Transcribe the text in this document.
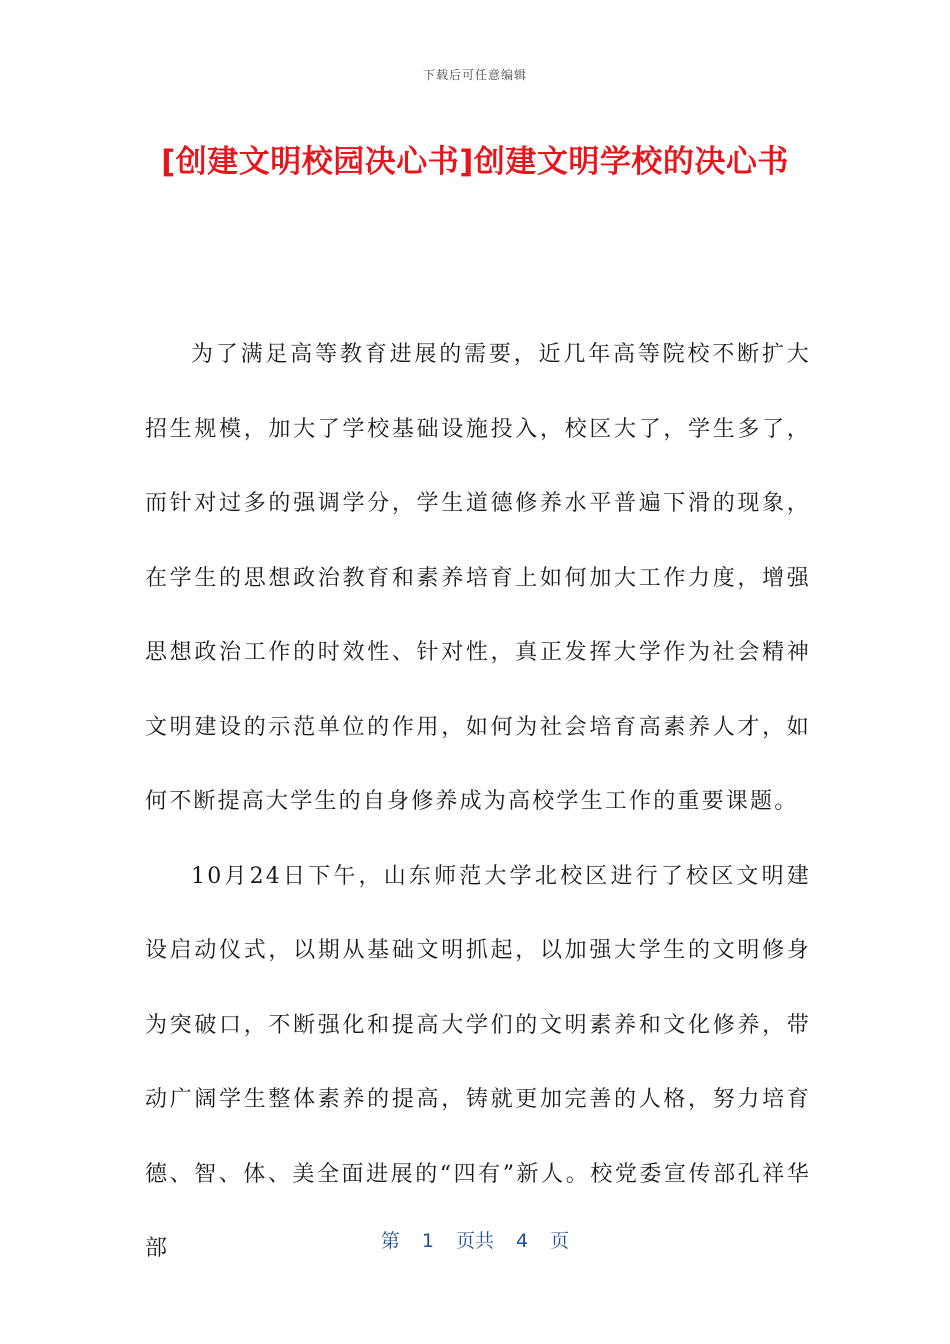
下载后可任意编辑
[创建文明校园决心书]创建文明学校的决心书

为了满足高等教育进展的需要，近几年高等院校不断扩大招生规模，加大了学校基础设施投入，校区大了，学生多了，而针对过多的强调学分，学生道德修养水平普遍下滑的现象，在学生的思想政治教育和素养培育上如何加大工作力度，增强思想政治工作的时效性、针对性，真正发挥大学作为社会精神文明建设的示范单位的作用，如何为社会培育高素养人才，如何不断提高大学生的自身修养成为高校学生工作的重要课题。

10月24日下午，山东师范大学北校区进行了校区文明建设启动仪式，以期从基础文明抓起，以加强大学生的文明修身为突破口，不断强化和提高大学们的文明素养和文化修养，带动广阔学生整体素养的提高，铸就更加完善的人格，努力培育德、智、体、美全面进展的“四有”新人。校党委宣传部孔祥华部	第 1 页共 4 页
